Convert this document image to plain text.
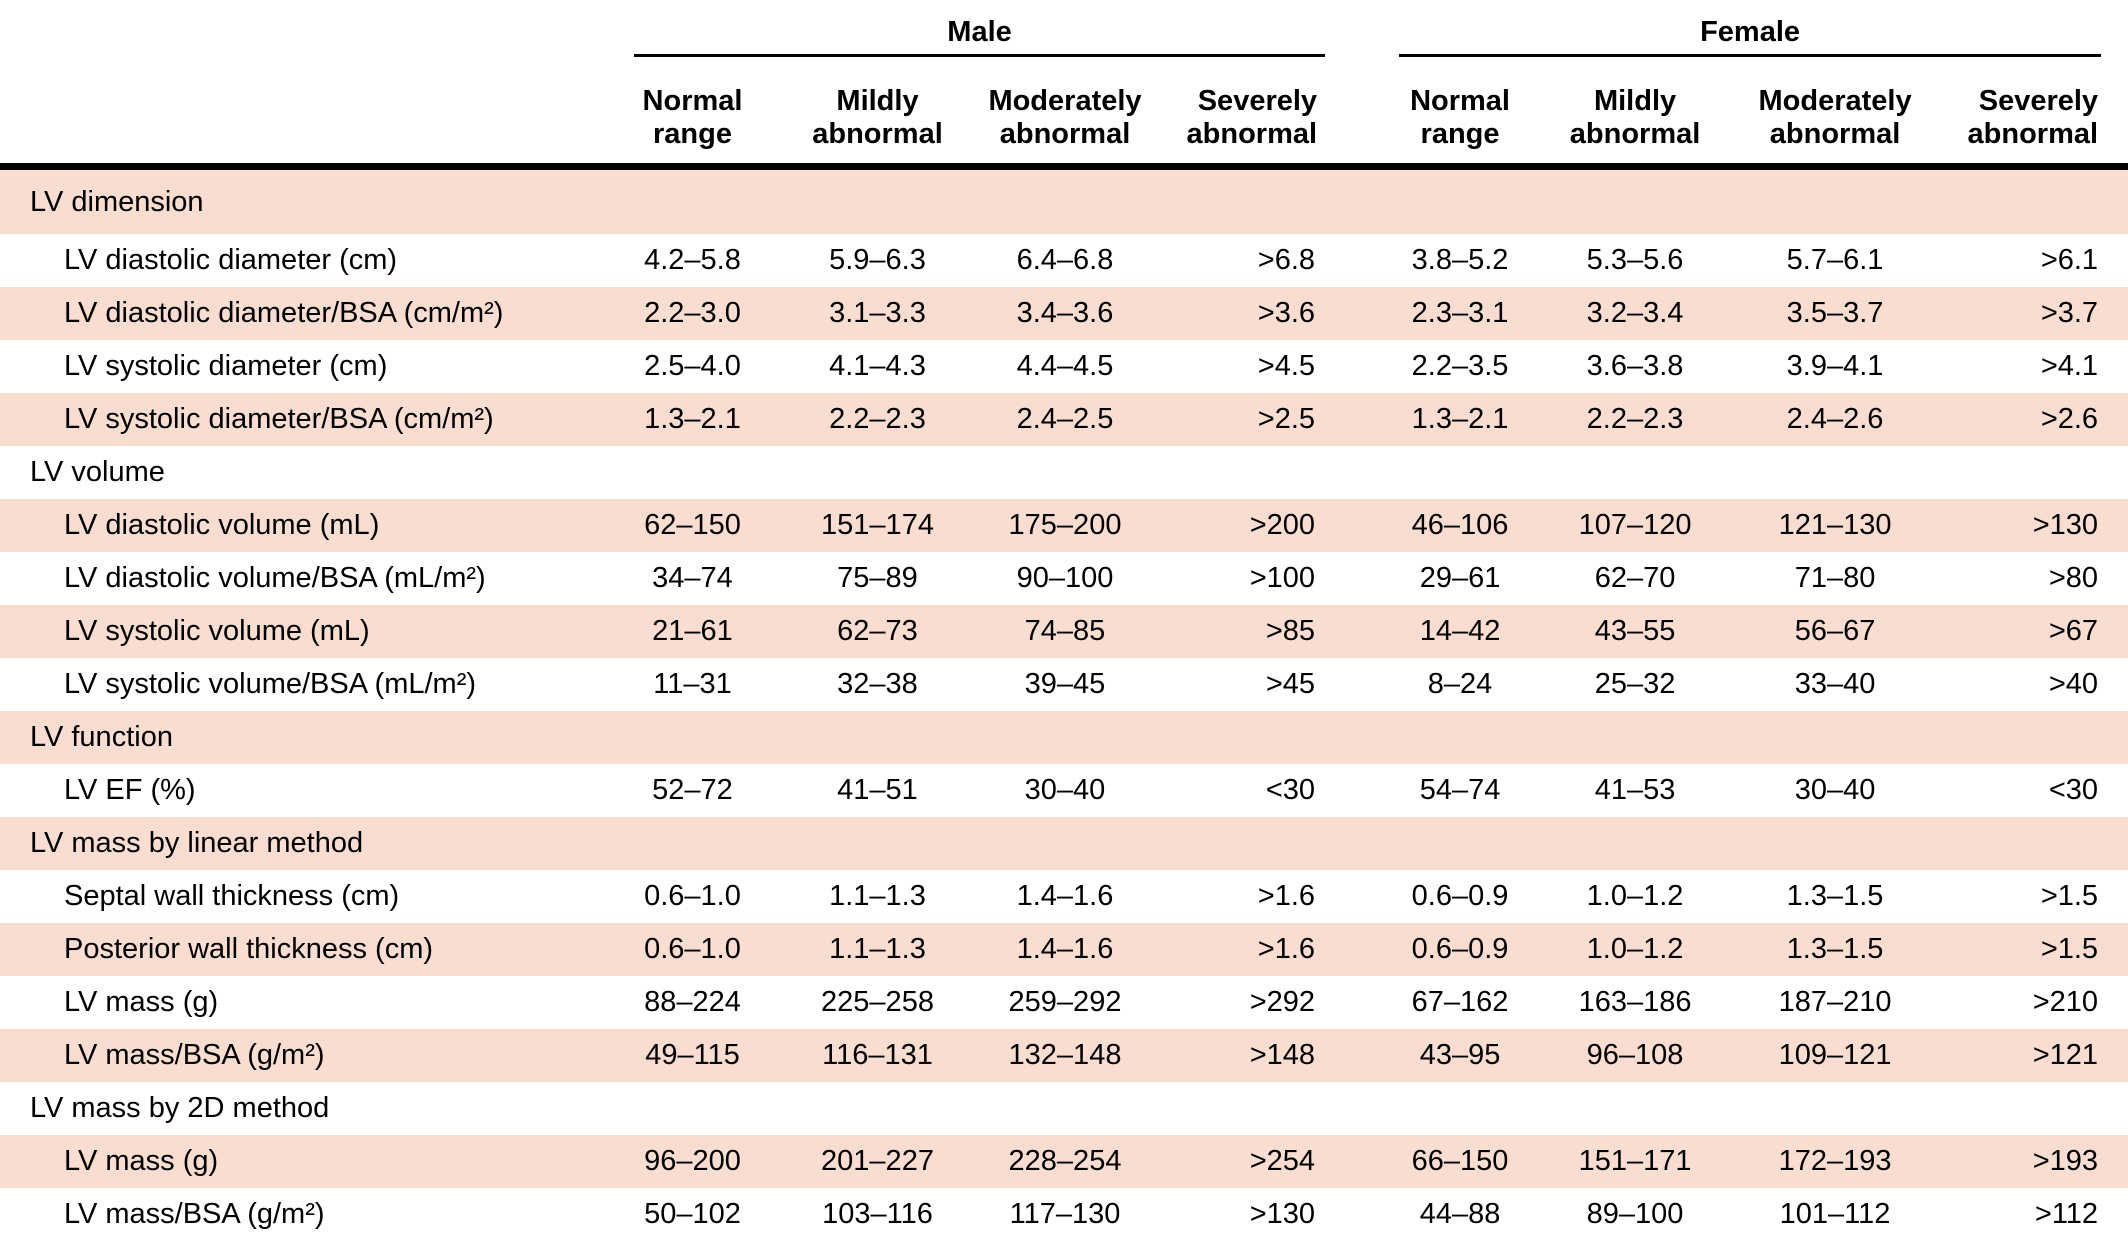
	Male					Female			

	Normal range	Mildly abnormal	Moderately abnormal	Severely abnormal		Normal range	Mildly abnormal	Moderately abnormal	Severely abnormal
LV dimension									
LV diastolic diameter (cm)	4.2–5.8	5.9–6.3	6.4–6.8	>6.8		3.8–5.2	5.3–5.6	5.7–6.1	>6.1
LV diastolic diameter/BSA (cm/m²)	2.2–3.0	3.1–3.3	3.4–3.6	>3.6		2.3–3.1	3.2–3.4	3.5–3.7	>3.7
LV systolic diameter (cm)	2.5–4.0	4.1–4.3	4.4–4.5	>4.5		2.2–3.5	3.6–3.8	3.9–4.1	>4.1
LV systolic diameter/BSA (cm/m²)	1.3–2.1	2.2–2.3	2.4–2.5	>2.5		1.3–2.1	2.2–2.3	2.4–2.6	>2.6
LV volume									
LV diastolic volume (mL)	62–150	151–174	175–200	>200		46–106	107–120	121–130	>130
LV diastolic volume/BSA (mL/m²)	34–74	75–89	90–100	>100		29–61	62–70	71–80	>80
LV systolic volume (mL)	21–61	62–73	74–85	>85		14–42	43–55	56–67	>67
LV systolic volume/BSA (mL/m²)	11–31	32–38	39–45	>45		8–24	25–32	33–40	>40
LV function									
LV EF (%)	52–72	41–51	30–40	<30		54–74	41–53	30–40	<30
LV mass by linear method									
Septal wall thickness (cm)	0.6–1.0	1.1–1.3	1.4–1.6	>1.6		0.6–0.9	1.0–1.2	1.3–1.5	>1.5
Posterior wall thickness (cm)	0.6–1.0	1.1–1.3	1.4–1.6	>1.6		0.6–0.9	1.0–1.2	1.3–1.5	>1.5
LV mass (g)	88–224	225–258	259–292	>292		67–162	163–186	187–210	>210
LV mass/BSA (g/m²)	49–115	116–131	132–148	>148		43–95	96–108	109–121	>121
LV mass by 2D method									
LV mass (g)	96–200	201–227	228–254	>254		66–150	151–171	172–193	>193
LV mass/BSA (g/m²)	50–102	103–116	117–130	>130		44–88	89–100	101–112	>112
